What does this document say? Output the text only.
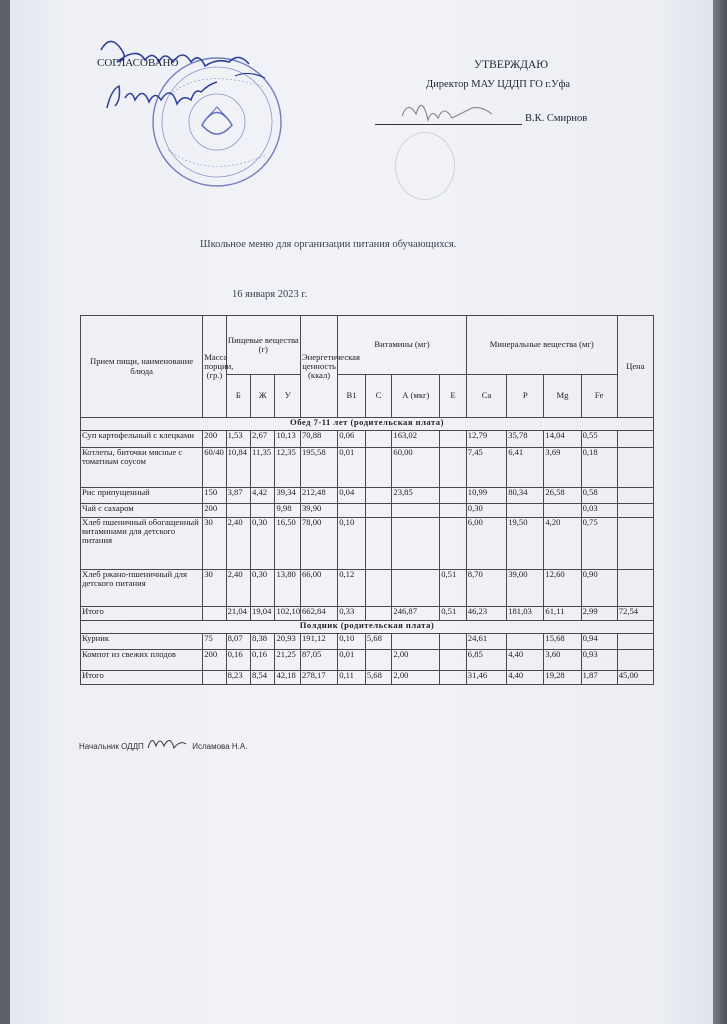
СОГЛАСОВАНО	УТВЕРЖДАЮ
Директор МАУ ЦДДП ГО г.Уфа
В.К. Смирнов
Школьное меню для организации питания обучающихся.
16 января 2023 г.
Прием пищи, наименование блюда	Масса порции, (гр.)	Пищевые вещества (г)			Энергетическая ценность (ккал)	Витамины (мг)				Минеральные вещества (мг)				Цена
		Б	Ж	У		B1	C	А (мкг)	Е	Ca	P	Mg	Fe	
Обед 7-11 лет (родительская плата)														
Суп картофельный с клецками	200	1,53	2,67	10,13	70,88	0,06		163,02		12,79	35,78	14,04	0,55	
Котлеты, биточки мясные с томатным соусом	60/40	10,84	11,35	12,35	195,58	0,01		60,00		7,45	6,41	3,69	0,18	
Рис припущенный	150	3,87	4,42	39,34	212,48	0,04		23,85		10,99	80,34	26,58	0,58	
Чай с сахаром	200			9,98	39,90					0,30			0,03	
Хлеб пшеничный обогащенный витаминами для детского питания	30	2,40	0,30	16,50	78,00	0,10				6,00	19,50	4,20	0,75	
Хлеб ржано-пшеничный для детского питания	30	2,40	0,30	13,80	66,00	0,12			0,51	8,70	39,00	12,60	0,90	
Итого		21,04	19,04	102,10	662,84	0,33		246,87	0,51	46,23	181,03	61,11	2,99	72,54
Полдник (родительская плата)														
Курник	75	8,07	8,38	20,93	191,12	0,10	5,68			24,61		15,68	0,94	
Компот из свежих плодов	200	0,16	0,16	21,25	87,05	0,01		2,00		6,85	4,40	3,60	0,93	
Итого		8,23	8,54	42,18	278,17	0,11	5,68	2,00		31,46	4,40	19,28	1,87	45,00
Начальник ОДДП	Исламова Н.А.
